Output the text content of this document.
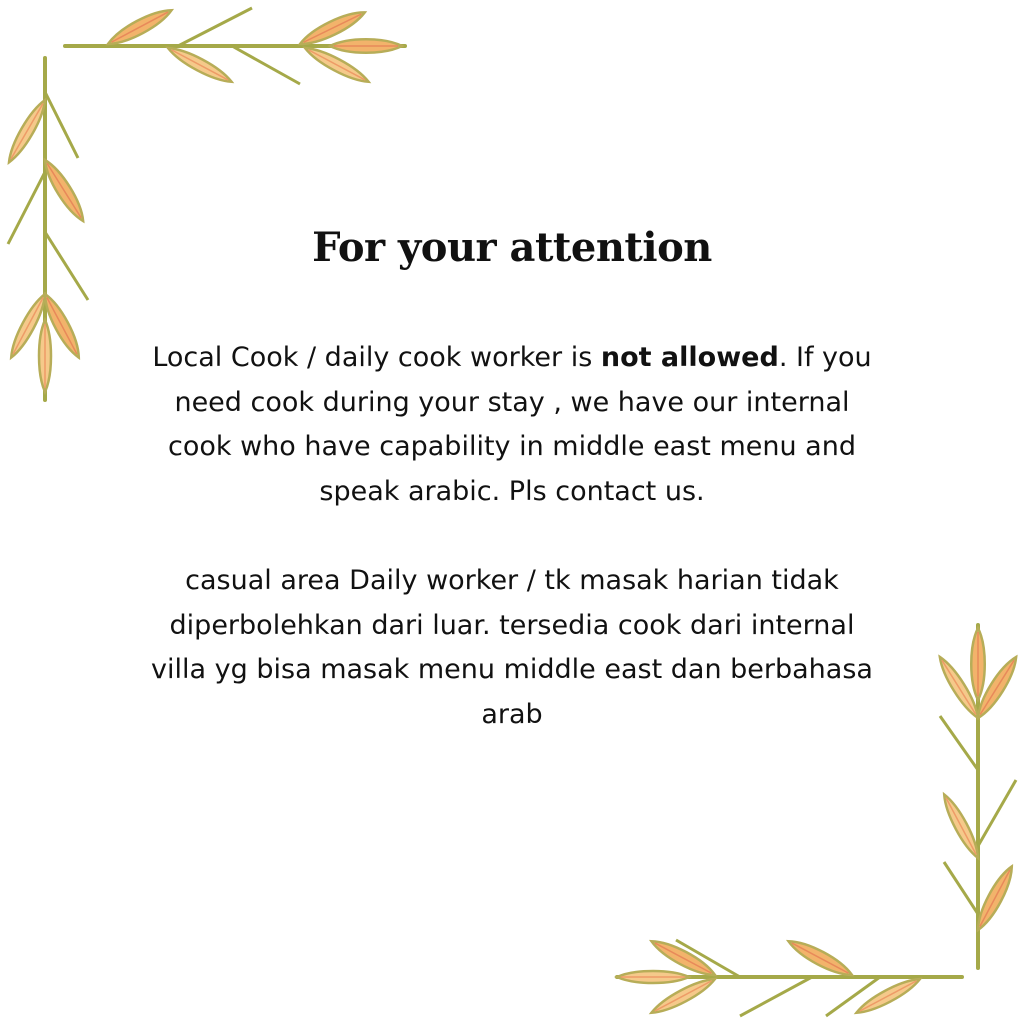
For your attention

Local Cook / daily cook worker is not allowed. If you need cook during your stay , we have our internal cook who have capability in middle east menu and speak arabic. Pls contact us.

casual area Daily worker / tk masak harian tidak diperbolehkan dari luar. tersedia cook dari internal villa yg bisa masak menu middle east dan berbahasa arab
